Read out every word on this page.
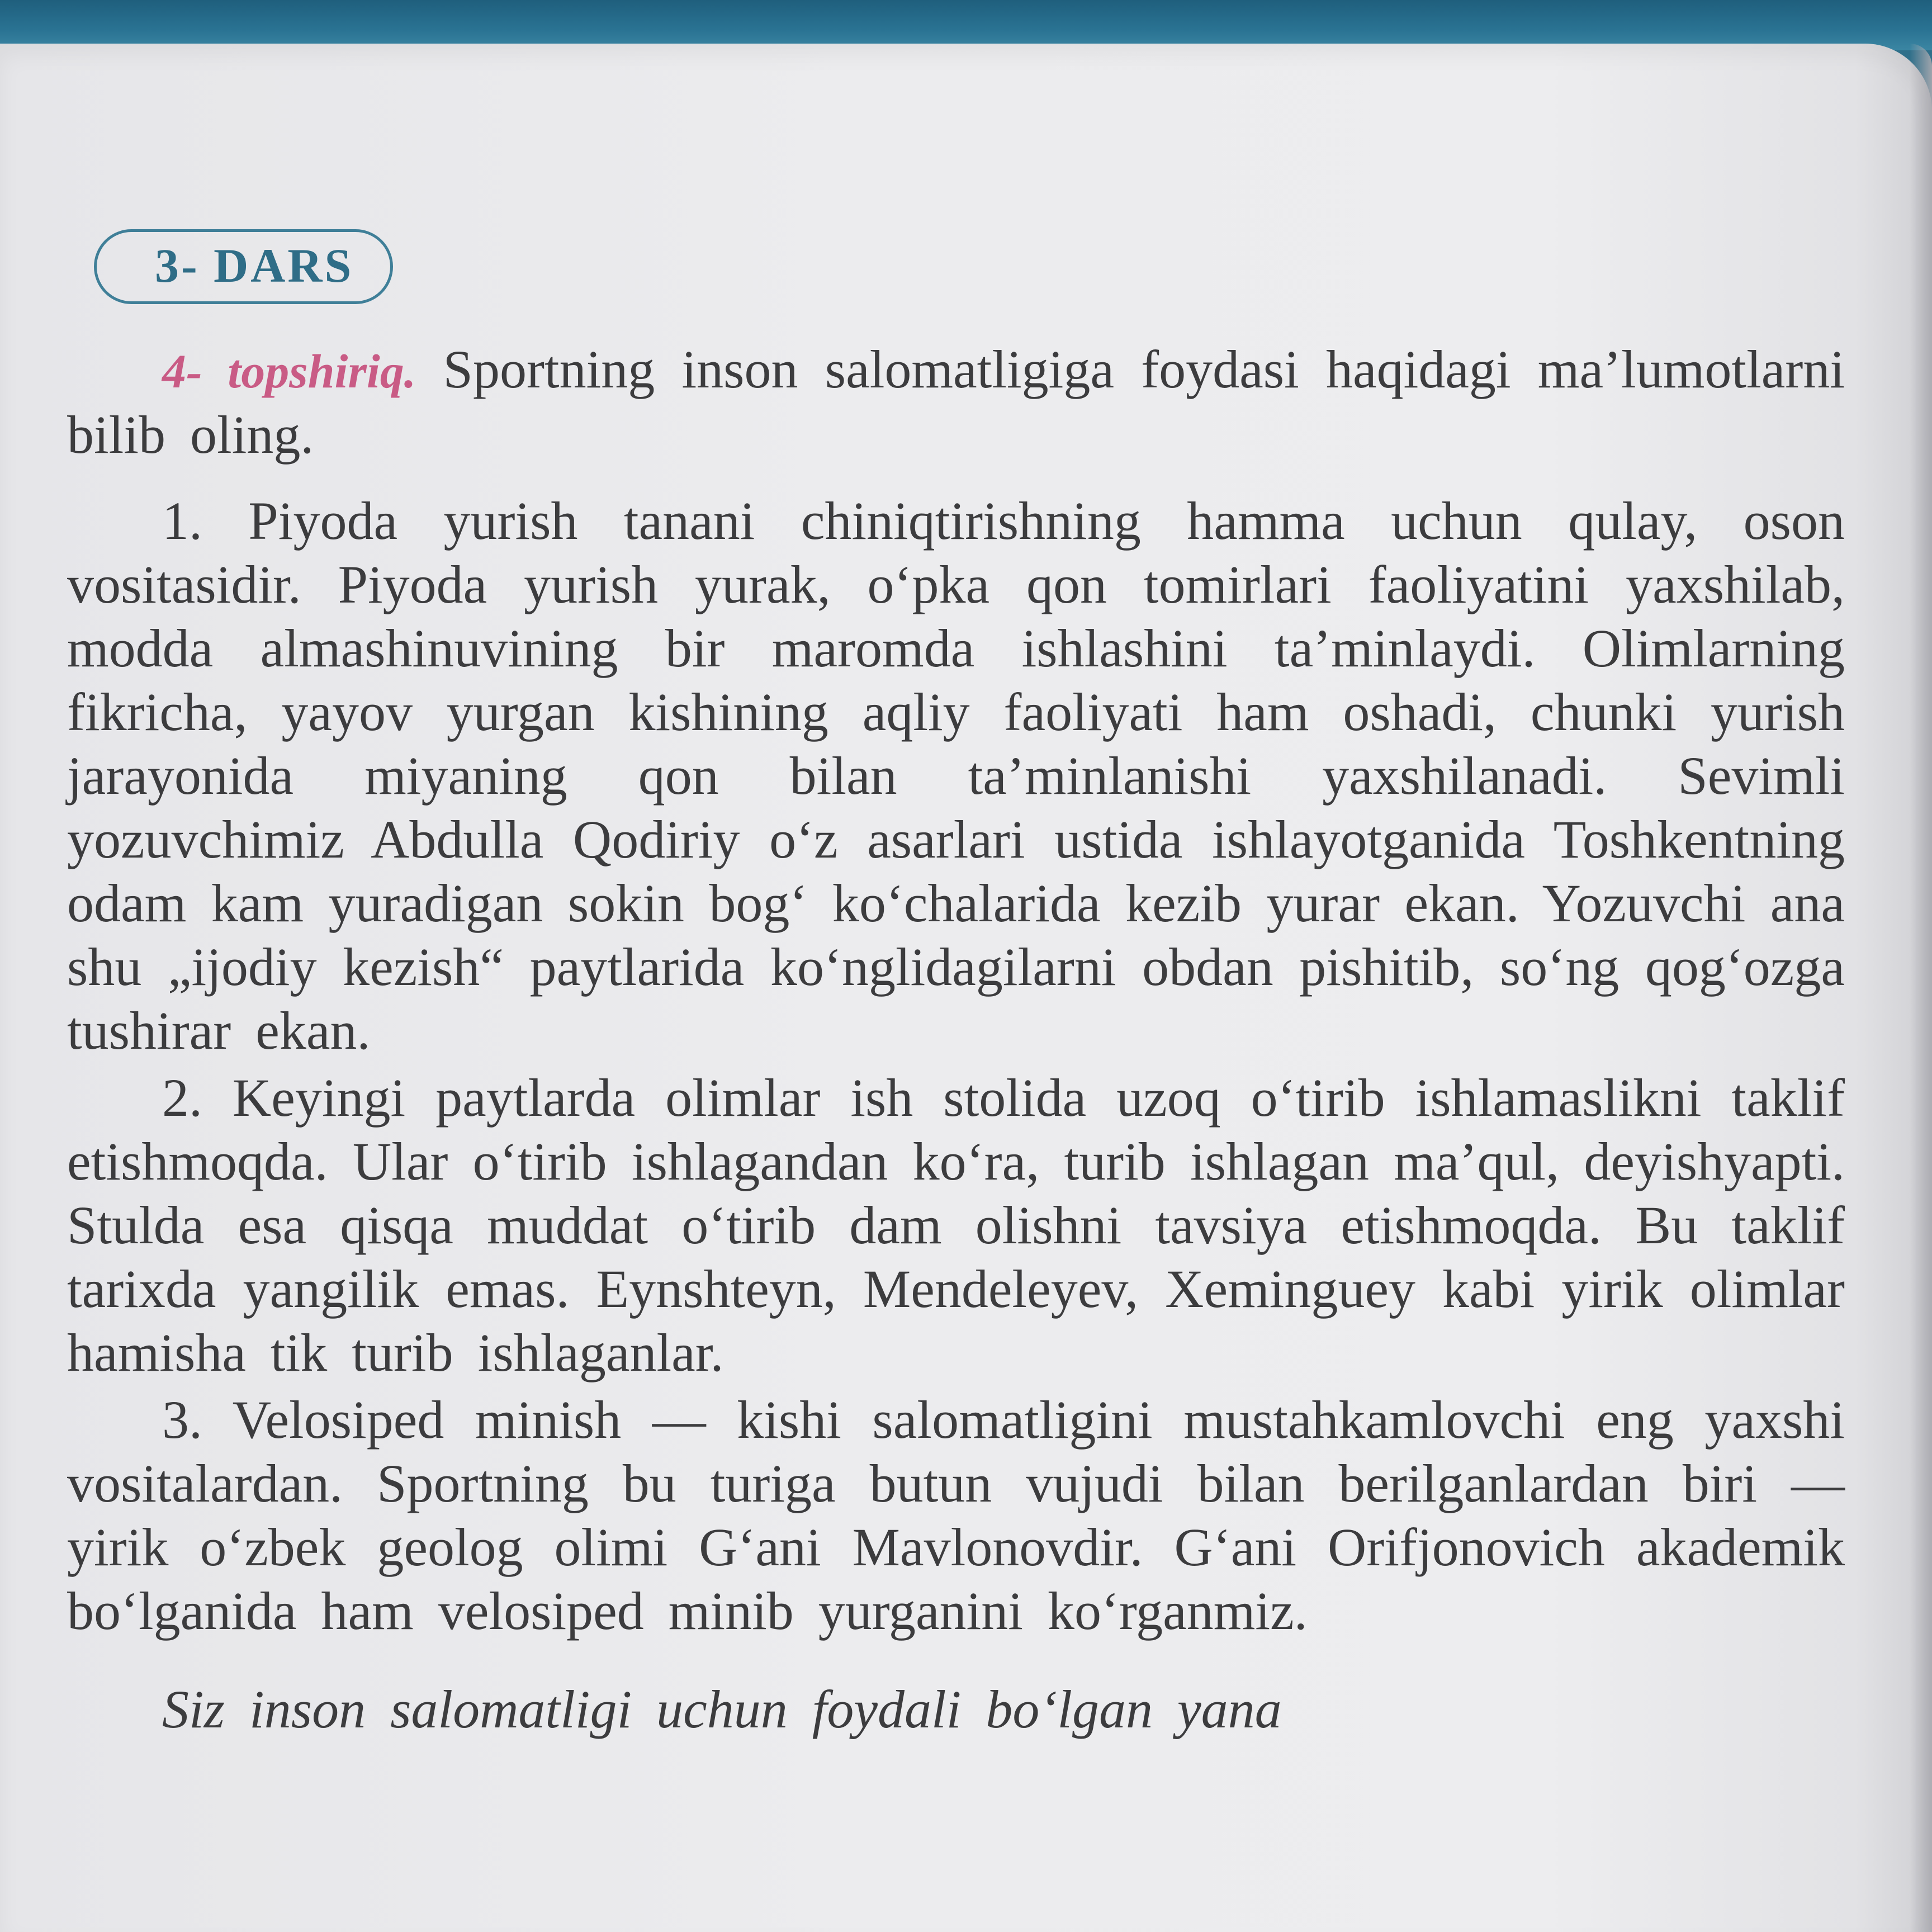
3- DARS

4- topshiriq. Sportning inson salomatligiga foydasi haqidagi ma’lumotlarni bilib oling.

1. Piyoda yurish tanani chiniqtirishning hamma uchun qulay, oson vositasidir. Piyoda yurish yurak, o‘pka qon tomirlari faoliyatini yaxshilab, modda almashinuvining bir maromda ishlashini ta’minlaydi. Olimlarning fikricha, yayov yurgan kishining aqliy faoliyati ham oshadi, chunki yurish jarayonida miyaning qon bilan ta’minlanishi yaxshilanadi. Sevimli yozuvchimiz Abdulla Qodiriy o‘z asarlari ustida ishlayotganida Toshkentning odam kam yuradigan sokin bog‘ ko‘chalarida kezib yurar ekan. Yozuvchi ana shu „ijodiy kezish“ paytlarida ko‘nglidagilarni obdan pishitib, so‘ng qog‘ozga tushirar ekan.

2. Keyingi paytlarda olimlar ish stolida uzoq o‘tirib ishlamaslikni taklif etishmoqda. Ular o‘tirib ishlagandan ko‘ra, turib ishlagan ma’qul, deyishyapti. Stulda esa qisqa muddat o‘tirib dam olishni tavsiya etishmoqda. Bu taklif tarixda yangilik emas. Eynshteyn, Mendeleyev, Xeminguey kabi yirik olimlar hamisha tik turib ishlaganlar.

3. Velosiped minish — kishi salomatligini mustahkamlovchi eng yaxshi vositalardan. Sportning bu turiga butun vujudi bilan berilganlardan biri — yirik o‘zbek geolog olimi G‘ani Mavlonovdir. G‘ani Orifjonovich akademik bo‘lganida ham velosiped minib yurganini ko‘rganmiz.

Siz inson salomatligi uchun foydali bo‘lgan yana
